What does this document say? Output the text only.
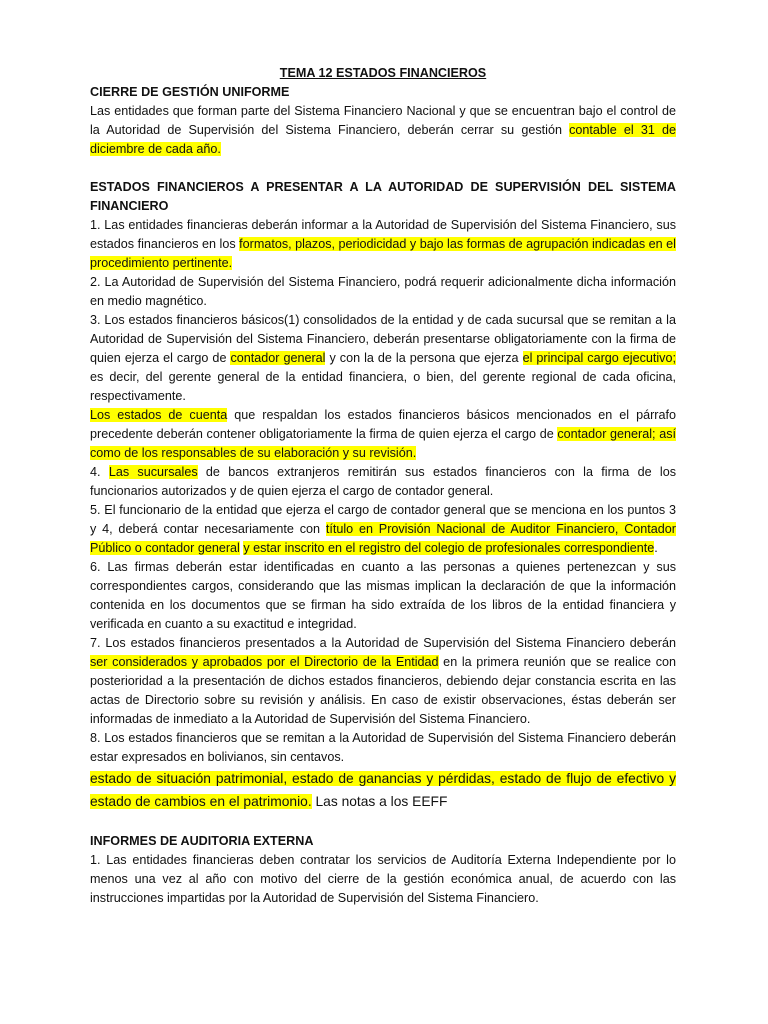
TEMA 12 ESTADOS FINANCIEROS

CIERRE DE GESTIÓN UNIFORME

Las entidades que forman parte del Sistema Financiero Nacional y que se encuentran bajo el control de la Autoridad de Supervisión del Sistema Financiero, deberán cerrar su gestión contable el 31 de diciembre de cada año.

ESTADOS FINANCIEROS A PRESENTAR A LA AUTORIDAD DE SUPERVISIÓN DEL SISTEMA FINANCIERO

1. Las entidades financieras deberán informar a la Autoridad de Supervisión del Sistema Financiero, sus estados financieros en los formatos, plazos, periodicidad y bajo las formas de agrupación indicadas en el procedimiento pertinente.

2. La Autoridad de Supervisión del Sistema Financiero, podrá requerir adicionalmente dicha información en medio magnético.

3. Los estados financieros básicos(1) consolidados de la entidad y de cada sucursal que se remitan a la Autoridad de Supervisión del Sistema Financiero, deberán presentarse obligatoriamente con la firma de quien ejerza el cargo de contador general y con la de la persona que ejerza el principal cargo ejecutivo; es decir, del gerente general de la entidad financiera, o bien, del gerente regional de cada oficina, respectivamente.

Los estados de cuenta que respaldan los estados financieros básicos mencionados en el párrafo precedente deberán contener obligatoriamente la firma de quien ejerza el cargo de contador general; así como de los responsables de su elaboración y su revisión.

4. Las sucursales de bancos extranjeros remitirán sus estados financieros con la firma de los funcionarios autorizados y de quien ejerza el cargo de contador general.

5. El funcionario de la entidad que ejerza el cargo de contador general que se menciona en los puntos 3 y 4, deberá contar necesariamente con título en Provisión Nacional de Auditor Financiero, Contador Público o contador general y estar inscrito en el registro del colegio de profesionales correspondiente.

6. Las firmas deberán estar identificadas en cuanto a las personas a quienes pertenezcan y sus correspondientes cargos, considerando que las mismas implican la declaración de que la información contenida en los documentos que se firman ha sido extraída de los libros de la entidad financiera y verificada en cuanto a su exactitud e integridad.

7. Los estados financieros presentados a la Autoridad de Supervisión del Sistema Financiero deberán ser considerados y aprobados por el Directorio de la Entidad en la primera reunión que se realice con posterioridad a la presentación de dichos estados financieros, debiendo dejar constancia escrita en las actas de Directorio sobre su revisión y análisis. En caso de existir observaciones, éstas deberán ser informadas de inmediato a la Autoridad de Supervisión del Sistema Financiero.

8. Los estados financieros que se remitan a la Autoridad de Supervisión del Sistema Financiero deberán estar expresados en bolivianos, sin centavos.

estado de situación patrimonial, estado de ganancias y pérdidas, estado de flujo de efectivo y estado de cambios en el patrimonio. Las notas a los EEFF

INFORMES DE AUDITORIA EXTERNA

1. Las entidades financieras deben contratar los servicios de Auditoría Externa Independiente por lo menos una vez al año con motivo del cierre de la gestión económica anual, de acuerdo con las instrucciones impartidas por la Autoridad de Supervisión del Sistema Financiero.
